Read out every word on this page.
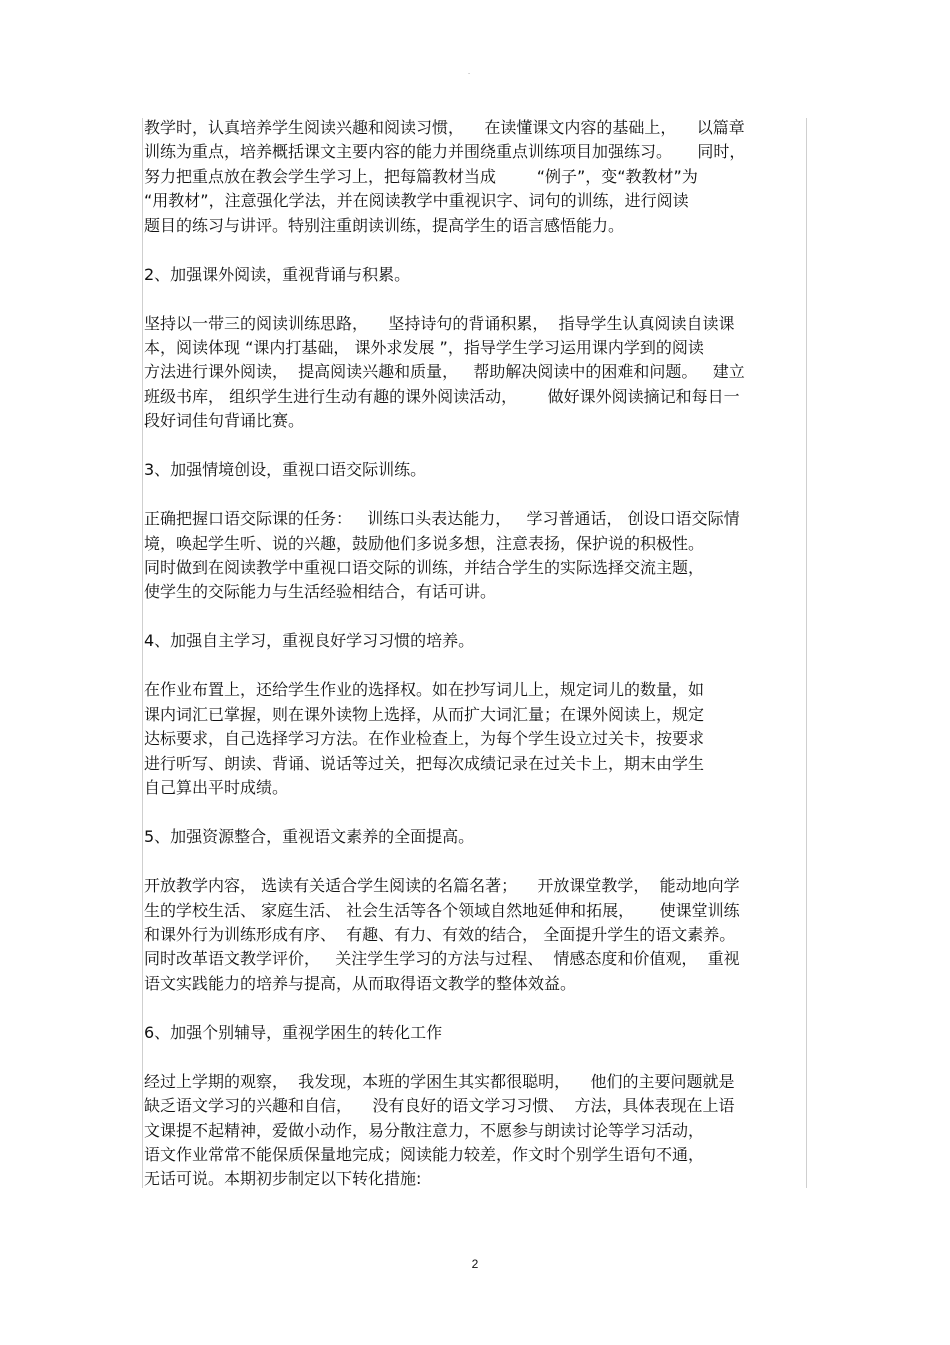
-
教学时，认真培养学生阅读兴趣和阅读习惯，    在读懂课文内容的基础上，    以篇章
训练为重点，培养概括课文主要内容的能力并围绕重点训练项目加强练习。     同时，
努力把重点放在教会学生学习上，把每篇教材当成        “例子”，变“教教材”为
“用教材”，注意强化学法，并在阅读教学中重视识字、词句的训练，进行阅读
题目的练习与讲评。特别注重朗读训练，提高学生的语言感悟能力。
2、加强课外阅读，重视背诵与积累。
坚持以一带三的阅读训练思路，    坚持诗句的背诵积累，  指导学生认真阅读自读课
本，阅读体现 “课内打基础， 课外求发展 ”，指导学生学习运用课内学到的阅读
方法进行课外阅读，  提高阅读兴趣和质量，   帮助解决阅读中的困难和问题。   建立
班级书库， 组织学生进行生动有趣的课外阅读活动，      做好课外阅读摘记和每日一
段好词佳句背诵比赛。
3、加强情境创设，重视口语交际训练。
正确把握口语交际课的任务：   训练口头表达能力，   学习普通话， 创设口语交际情
境，唤起学生听、说的兴趣，鼓励他们多说多想，注意表扬，保护说的积极性。
同时做到在阅读教学中重视口语交际的训练，并结合学生的实际选择交流主题，
使学生的交际能力与生活经验相结合，有话可讲。
4、加强自主学习，重视良好学习习惯的培养。
在作业布置上，还给学生作业的选择权。如在抄写词儿上，规定词儿的数量，如
课内词汇已掌握，则在课外读物上选择，从而扩大词汇量；在课外阅读上，规定
达标要求，自己选择学习方法。在作业检查上，为每个学生设立过关卡，按要求
进行听写、朗读、背诵、说话等过关，把每次成绩记录在过关卡上，期末由学生
自己算出平时成绩。
5、加强资源整合，重视语文素养的全面提高。
开放教学内容， 选读有关适合学生阅读的名篇名著；    开放课堂教学，  能动地向学
生的学校生活、 家庭生活、 社会生活等各个领域自然地延伸和拓展，     使课堂训练
和课外行为训练形成有序、  有趣、有力、有效的结合， 全面提升学生的语文素养。
同时改革语文教学评价，   关注学生学习的方法与过程、  情感态度和价值观，  重视
语文实践能力的培养与提高，从而取得语文教学的整体效益。
6、加强个别辅导，重视学困生的转化工作
经过上学期的观察，  我发现，本班的学困生其实都很聪明，    他们的主要问题就是
缺乏语文学习的兴趣和自信，    没有良好的语文学习习惯、  方法，具体表现在上语
文课提不起精神，爱做小动作，易分散注意力，不愿参与朗读讨论等学习活动，
语文作业常常不能保质保量地完成；阅读能力较差，作文时个别学生语句不通，
无话可说。本期初步制定以下转化措施:
2
